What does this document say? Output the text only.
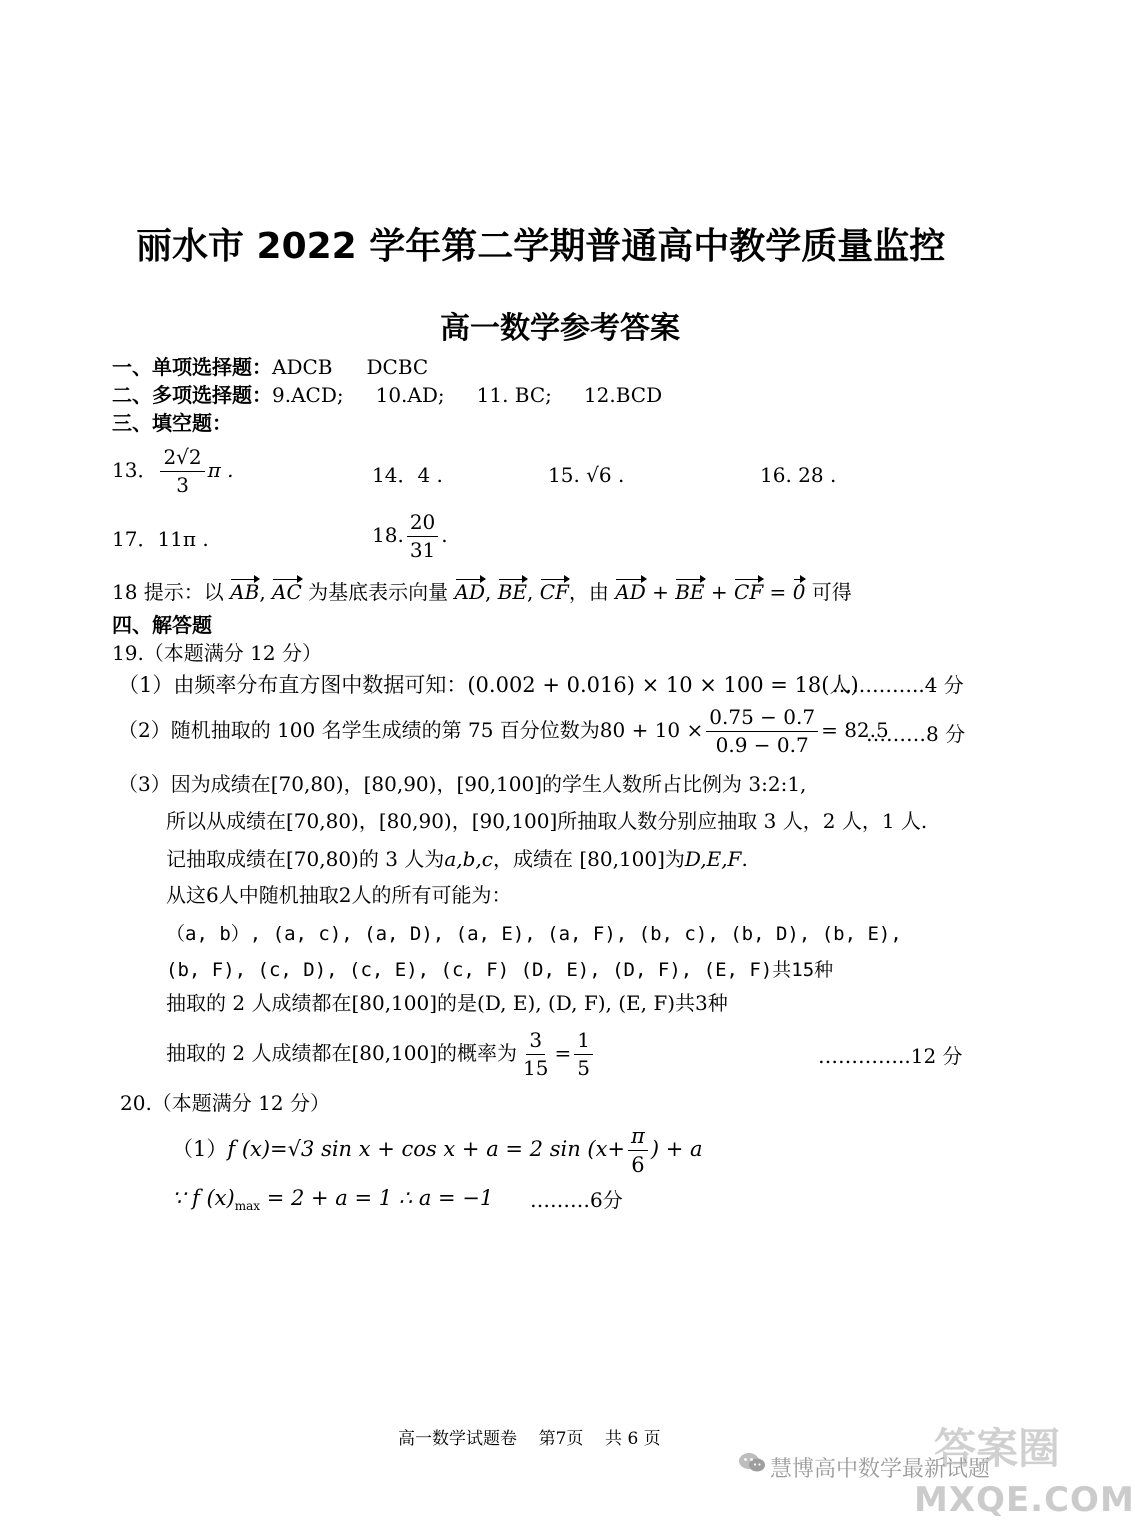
丽水市 2022 学年第二学期普通高中教学质量监控
高一数学参考答案
一、单项选择题：ADCB DCBC
二、多项选择题：9.ACD; 10.AD; 11. BC; 12.BCD
三、填空题：
13． $\frac{2√2}{3}$ π .	14．4 .	15. √6 .	16. 28 .
17．11π .	18. $\frac{20}{31}$ .
18 提示：以 AB, AC 为基底表示向量 AD, BE, CF，由 AD + BE + CF = 0 可得
四、解答题
19.（本题满分 12 分）
（1）由频率分布直方图中数据可知：(0.002 + 0.016) × 10 × 100 = 18(人)
…………..4 分
（2）随机抽取的 100 名学生成绩的第 75 百分位数为$80 + 10 \times \frac{0.75 - 0.7}{0.9 - 0.7} = 82.5$
………8 分
（3）因为成绩在[70,80)，[80,90)，[90,100]的学生人数所占比例为 3:2:1,
所以从成绩在[70,80)，[80,90)，[90,100]所抽取人数分别应抽取 3 人，2 人，1 人.
记抽取成绩在[70,80)的 3 人为a,b,c，成绩在 [80,100]为D,E,F.
从这6人中随机抽取2人的所有可能为：
（a, b）, (a, c), (a, D), (a, E), (a, F), (b, c), (b, D), (b, E),
(b, F), (c, D), (c, E), (c, F) (D, E), (D, F), (E, F)共15种
抽取的 2 人成绩都在[80,100]的是(D, E), (D, F), (E, F)共3种
抽取的 2 人成绩都在[80,100]的概率为 $\frac{3}{15} = \frac{1}{5}$	…………..12 分
20.（本题满分 12 分）
（1）f (x)=√3 sin x + cos x + a = 2 $\sin (x+ \frac{\pi}{6}$ ) + a
∵ f $(x)_{max} = 2 + a = 1$ ∴ a = −1 ………6分
高一数学试题卷    第7页    共 6 页
慧博高中数学最新试题
答案圈
MXQE.COM
